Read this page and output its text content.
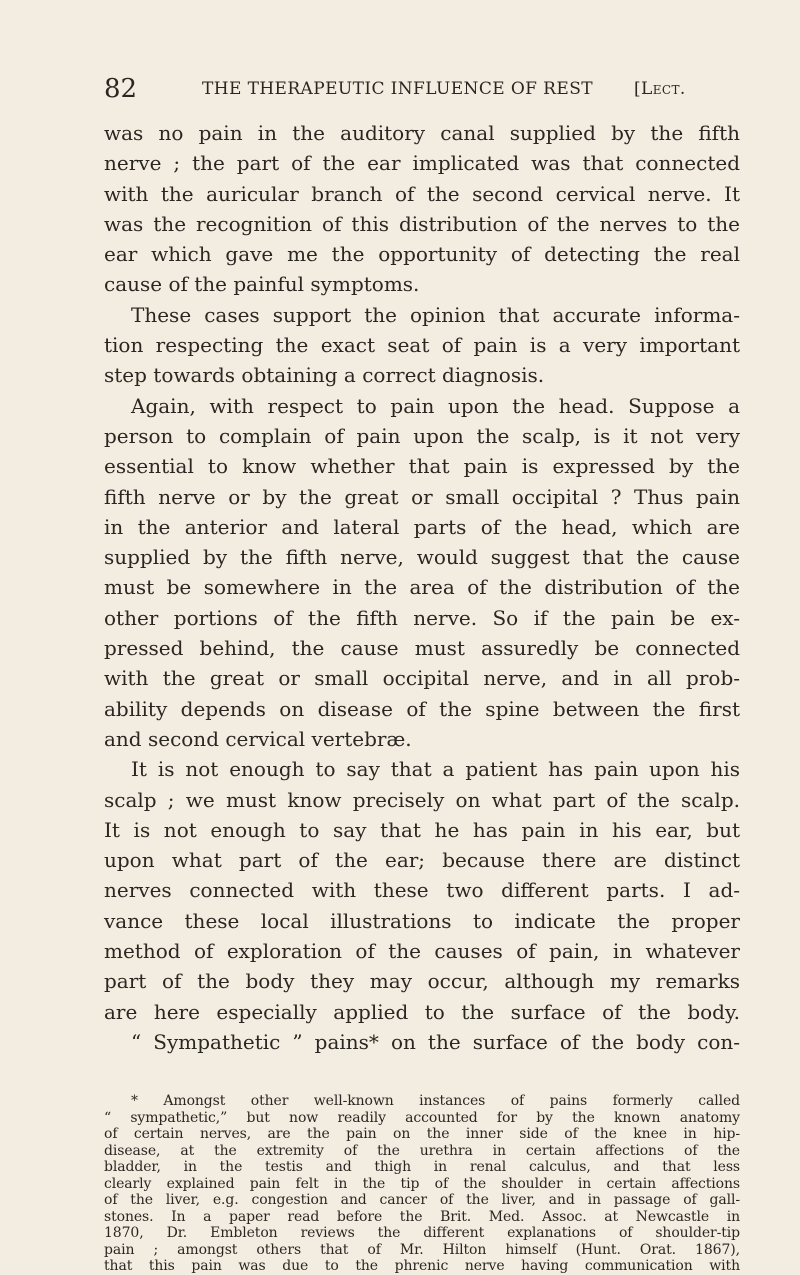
82	THE THERAPEUTIC INFLUENCE OF REST [Lect.
was no pain in the auditory canal supplied by the fifth
nerve ; the part of the ear implicated was that connected
with the auricular branch of the second cervical nerve. It
was the recognition of this distribution of the nerves to the
ear which gave me the opportunity of detecting the real
cause of the painful symptoms.
These cases support the opinion that accurate informa-
tion respecting the exact seat of pain is a very important
step towards obtaining a correct diagnosis.
Again, with respect to pain upon the head. Suppose a
person to complain of pain upon the scalp, is it not very
essential to know whether that pain is expressed by the
fifth nerve or by the great or small occipital ? Thus pain
in the anterior and lateral parts of the head, which are
supplied by the fifth nerve, would suggest that the cause
must be somewhere in the area of the distribution of the
other portions of the fifth nerve. So if the pain be ex-
pressed behind, the cause must assuredly be connected
with the great or small occipital nerve, and in all prob-
ability depends on disease of the spine between the first
and second cervical vertebræ.
It is not enough to say that a patient has pain upon his
scalp ; we must know precisely on what part of the scalp.
It is not enough to say that he has pain in his ear, but
upon what part of the ear; because there are distinct
nerves connected with these two different parts. I ad-
vance these local illustrations to indicate the proper
method of exploration of the causes of pain, in whatever
part of the body they may occur, although my remarks
are here especially applied to the surface of the body.
“ Sympathetic ” pains* on the surface of the body con-
* Amongst other well-known instances of pains formerly called
“ sympathetic,” but now readily accounted for by the known anatomy
of certain nerves, are the pain on the inner side of the knee in hip-
disease, at the extremity of the urethra in certain affections of the
bladder, in the testis and thigh in renal calculus, and that less
clearly explained pain felt in the tip of the shoulder in certain affections
of the liver, e.g. congestion and cancer of the liver, and in passage of gall-
stones. In a paper read before the Brit. Med. Assoc. at Newcastle in
1870, Dr. Embleton reviews the different explanations of shoulder-tip
pain ; amongst others that of Mr. Hilton himself (Hunt. Orat. 1867),
that this pain was due to the phrenic nerve having communication with
